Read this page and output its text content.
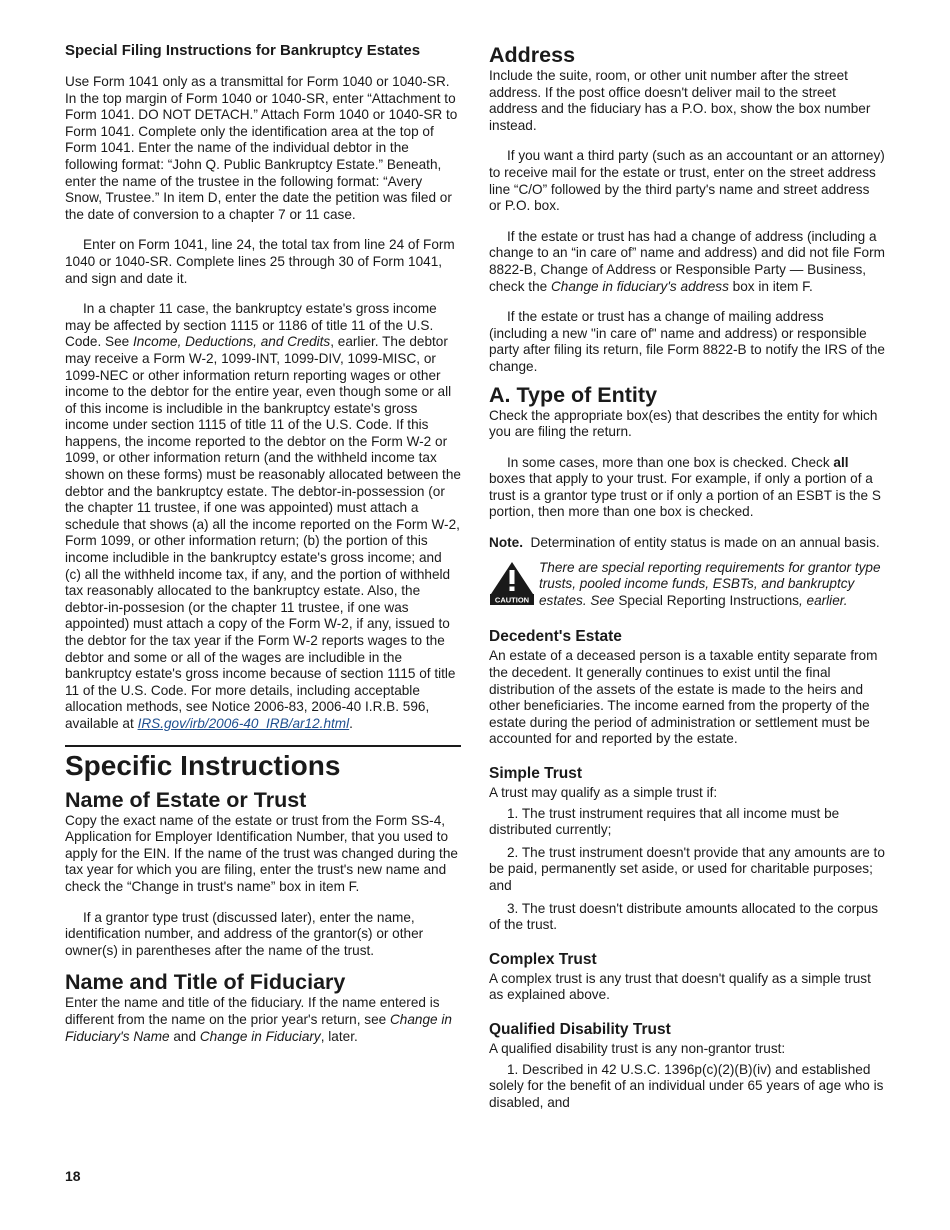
Special Filing Instructions for Bankruptcy Estates

Use Form 1041 only as a transmittal for Form 1040 or 1040-SR. In the top margin of Form 1040 or 1040-SR, enter “Attachment to Form 1041. DO NOT DETACH.” Attach Form 1040 or 1040-SR to Form 1041. Complete only the identification area at the top of Form 1041. Enter the name of the individual debtor in the following format: “John Q. Public Bankruptcy Estate.” Beneath, enter the name of the trustee in the following format: “Avery Snow, Trustee.” In item D, enter the date the petition was filed or the date of conversion to a chapter 7 or 11 case.

Enter on Form 1041, line 24, the total tax from line 24 of Form 1040 or 1040-SR. Complete lines 25 through 30 of Form 1041, and sign and date it.

In a chapter 11 case, the bankruptcy estate's gross income may be affected by section 1115 or 1186 of title 11 of the U.S. Code. See Income, Deductions, and Credits, earlier. The debtor may receive a Form W-2, 1099-INT, 1099-DIV, 1099-MISC, or 1099-NEC or other information return reporting wages or other income to the debtor for the entire year, even though some or all of this income is includible in the bankruptcy estate's gross income under section 1115 of title 11 of the U.S. Code. If this happens, the income reported to the debtor on the Form W-2 or 1099, or other information return (and the withheld income tax shown on these forms) must be reasonably allocated between the debtor and the bankruptcy estate. The debtor-in-possession (or the chapter 11 trustee, if one was appointed) must attach a schedule that shows (a) all the income reported on the Form W-2, Form 1099, or other information return; (b) the portion of this income includible in the bankruptcy estate's gross income; and (c) all the withheld income tax, if any, and the portion of withheld tax reasonably allocated to the bankruptcy estate. Also, the debtor-in-possesion (or the chapter 11 trustee, if one was appointed) must attach a copy of the Form W-2, if any, issued to the debtor for the tax year if the Form W-2 reports wages to the debtor and some or all of the wages are includible in the bankruptcy estate's gross income because of section 1115 of title 11 of the U.S. Code. For more details, including acceptable allocation methods, see Notice 2006-83, 2006-40 I.R.B. 596, available at IRS.gov/irb/2006-40_IRB/ar12.html.

Specific Instructions
Name of Estate or Trust

Copy the exact name of the estate or trust from the Form SS-4, Application for Employer Identification Number, that you used to apply for the EIN. If the name of the trust was changed during the tax year for which you are filing, enter the trust's new name and check the “Change in trust's name” box in item F.

If a grantor type trust (discussed later), enter the name, identification number, and address of the grantor(s) or other owner(s) in parentheses after the name of the trust.

Name and Title of Fiduciary

Enter the name and title of the fiduciary. If the name entered is different from the name on the prior year's return, see Change in Fiduciary's Name and Change in Fiduciary, later.

Address

Include the suite, room, or other unit number after the street address. If the post office doesn't deliver mail to the street address and the fiduciary has a P.O. box, show the box number instead.

If you want a third party (such as an accountant or an attorney) to receive mail for the estate or trust, enter on the street address line “C/O” followed by the third party's name and street address or P.O. box.

If the estate or trust has had a change of address (including a change to an “in care of” name and address) and did not file Form 8822-B, Change of Address or Responsible Party — Business, check the Change in fiduciary's address box in item F.

If the estate or trust has a change of mailing address (including a new "in care of" name and address) or responsible party after filing its return, file Form 8822-B to notify the IRS of the change.

A. Type of Entity

Check the appropriate box(es) that describes the entity for which you are filing the return.

In some cases, more than one box is checked. Check all boxes that apply to your trust. For example, if only a portion of a trust is a grantor type trust or if only a portion of an ESBT is the S portion, then more than one box is checked.

Note. Determination of entity status is made on an annual basis.

CAUTION
There are special reporting requirements for grantor type trusts, pooled income funds, ESBTs, and bankruptcy estates. See Special Reporting Instructions, earlier.
Decedent's Estate

An estate of a deceased person is a taxable entity separate from the decedent. It generally continues to exist until the final distribution of the assets of the estate is made to the heirs and other beneficiaries. The income earned from the property of the estate during the period of administration or settlement must be accounted for and reported by the estate.

Simple Trust

A trust may qualify as a simple trust if:

1. The trust instrument requires that all income must be distributed currently;

2. The trust instrument doesn't provide that any amounts are to be paid, permanently set aside, or used for charitable purposes; and

3. The trust doesn't distribute amounts allocated to the corpus of the trust.

Complex Trust

A complex trust is any trust that doesn't qualify as a simple trust as explained above.

Qualified Disability Trust

A qualified disability trust is any non-grantor trust:

1. Described in 42 U.S.C. 1396p(c)(2)(B)(iv) and established solely for the benefit of an individual under 65 years of age who is disabled, and

18
